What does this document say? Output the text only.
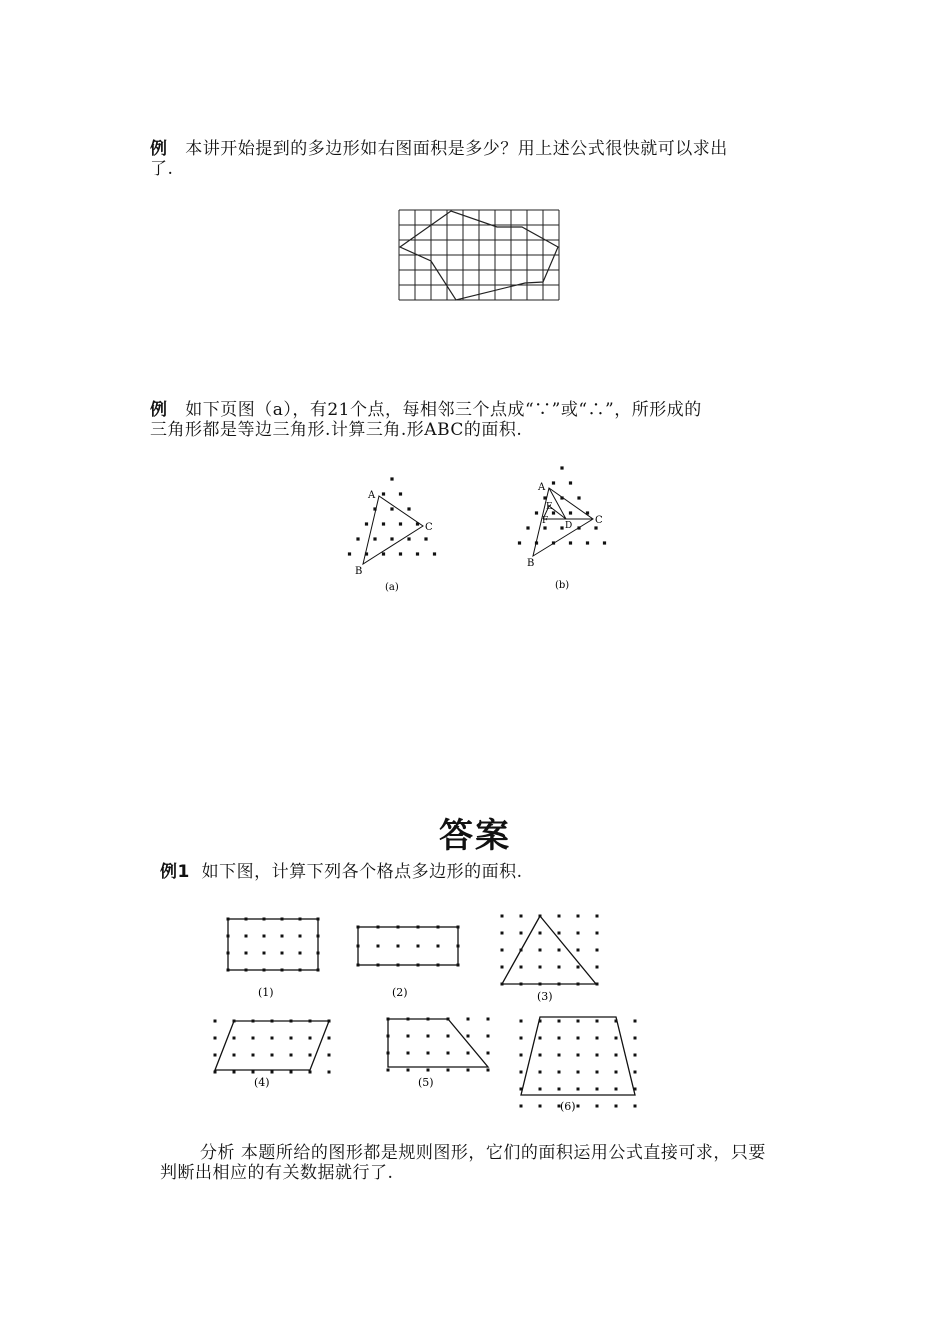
例 本讲开始提到的多边形如右图面积是多少？用上述公式很快就可以求出
了.
例 如下页图（a），有21个点，每相邻三个点成“∵”或“∴”，所形成的
三角形都是等边三角形.计算三角.形ABC的面积.
A
B
C
(a)
A
E
F D
B
C
(b)
答案
例1 如下图，计算下列各个格点多边形的面积.
(1)	(2)	(3)
(4)	(5)
(6)
分析 本题所给的图形都是规则图形，它们的面积运用公式直接可求，只要
判断出相应的有关数据就行了.
